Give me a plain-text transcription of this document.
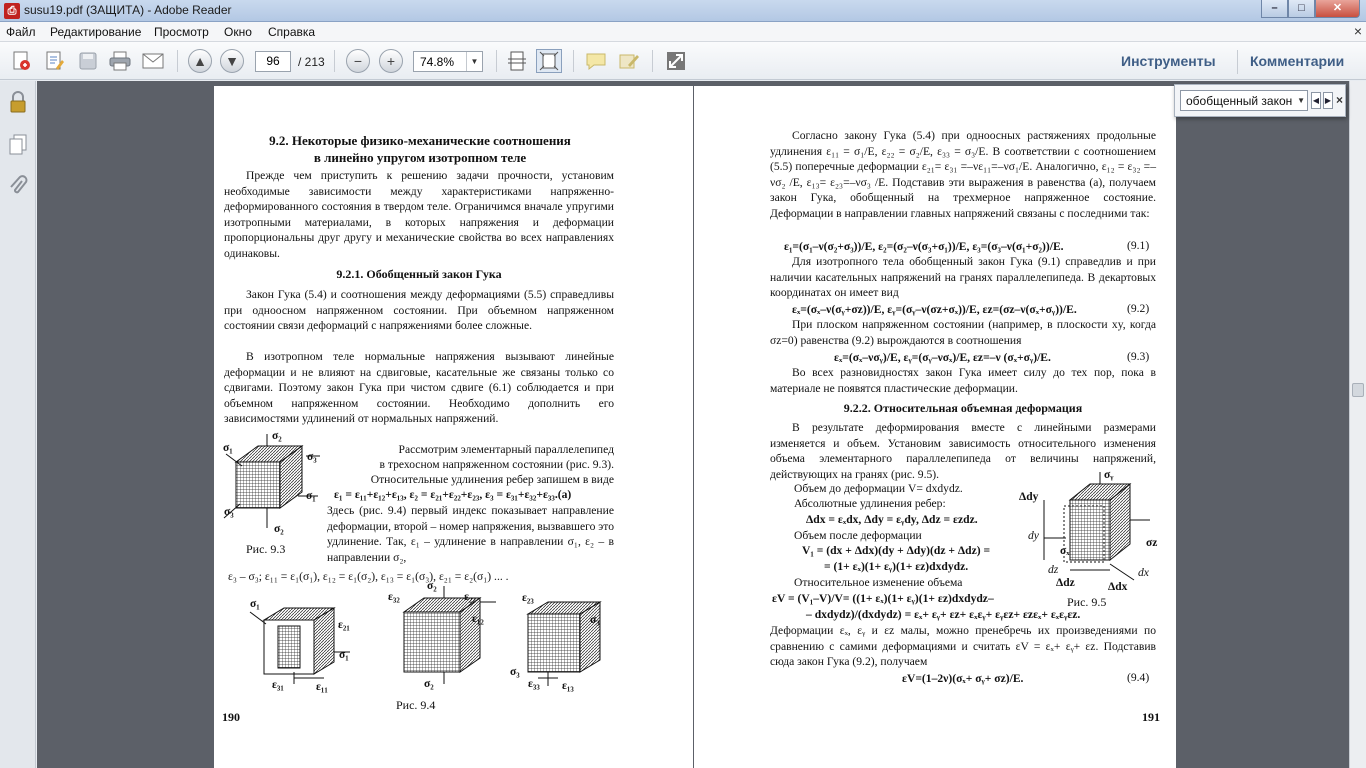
⎙ susu19.pdf (ЗАЩИТА) - Adobe Reader	–	□	✕
Файл Редактирование Просмотр Окно Справка	×
▲	▼	96	/ 213	−	+	74.8%	▼	Инструменты Комментарии
9.2. Некоторые физико-механические соотношения
в линейно упругом изотропном теле
Прежде чем приступить к решению задачи прочности, установим необходимые зависимости между характеристиками напряженно-деформированного состояния в твердом теле. Ограничимся вначале упругими изотропными материалами, в которых напряжения и деформации пропорциональны друг другу и механические свойства во всех направлениях одинаковы.
9.2.1. Обобщенный закон Гука
Закон Гука (5.4) и соотношения между деформациями (5.5) справедливы при одноосном напряженном состоянии. При объемном напряженном состоянии связи деформаций с напряжениями более сложные.
В изотропном теле нормальные напряжения вызывают линейные деформации и не влияют на сдвиговые, касательные же связаны только со сдвигами. Поэтому закон Гука при чистом сдвиге (6.1) соблюдается и при объемном напряженном состоянии. Необходимо дополнить его зависимостями удлинений от нормальных напряжений.
σ₂
σ₁
σ₃
σ₁
σ₃
σ₂
Рис. 9.3
Рассмотрим элементарный параллелепипед
в трехосном напряженном состоянии (рис. 9.3).
Относительные удлинения ребер запишем в виде
ε₁ = ε₁₁+ε₁₂+ε₁₃, ε₂ = ε₂₁+ε₂₂+ε₂₃, ε₃ = ε₃₁+ε₃₂+ε₃₃.(а)
Здесь (рис. 9.4) первый индекс показывает направление деформации, второй – номер напряжения, вызвавшего это удлинение. Так, ε₁ – удлинение в направлении σ₁, ε₂ – в направлении σ₂,
ε₃ – σ₃; ε₁₁ = ε₁(σ₁), ε₁₂ = ε₁(σ₂), ε₁₃ = ε₁(σ₃), ε₂₁ = ε₂(σ₁) ... .
σ₁
ε₂₁
σ₁
ε₃₁	ε₁₁
σ₂
ε₃₂	ε₂₂
ε₁₂
σ₂
ε₂₃
σ₃
σ₃
ε₃₃ ε₁₃
Рис. 9.4
190
Согласно закону Гука (5.4) при одноосных растяжениях продольные удлинения ε₁₁ = σ₁/E, ε₂₂ = σ₂/E, ε₃₃ = σ₃/E. В соответствии с соотношением (5.5) поперечные деформации ε₂₁= ε₃₁ =–νε₁₁=–νσ₁/E. Аналогично, ε₁₂ = ε₃₂ =–νσ₂ /E, ε₁₃= ε₂₃=–νσ₃ /E. Подставив эти выражения в равенства (а), получаем закон Гука, обобщенный на трехмерное напряженное состояние. Деформации в направлении главных напряжений связаны с последними так:
ε₁=(σ₁–ν(σ₂+σ₃))/E, ε₂=(σ₂–ν(σ₃+σ₁))/E, ε₃=(σ₃–ν(σ₁+σ₂))/E.	(9.1)
Для изотропного тела обобщенный закон Гука (9.1) справедлив и при наличии касательных напряжений на гранях параллелепипеда. В декартовых координатах он имеет вид
εₓ=(σₓ–ν(σᵧ+σz))/E, εᵧ=(σᵧ–ν(σz+σₓ))/E, εz=(σz–ν(σₓ+σᵧ))/E.	(9.2)
При плоском напряженном состоянии (например, в плоскости xy, когда σz=0) равенства (9.2) вырождаются в соотношения
εₓ=(σₓ–νσᵧ)/E, εᵧ=(σᵧ–νσₓ)/E, εz=–ν (σₓ+σᵧ)/E.	(9.3)
Во всех разновидностях закон Гука имеет силу до тех пор, пока в материале не появятся пластические деформации.
9.2.2. Относительная объемная деформация
В результате деформирования вместе с линейными размерами изменяется и объем. Установим зависимость относительного изменения объема элементарного параллелепипеда от величины напряжений, действующих на гранях (рис. 9.5).
Объем до деформации V= dxdydz.
Абсолютные удлинения ребер:
Δdx = εₓdx, Δdy = εᵧdy, Δdz = εzdz.
Объем после деформации
V₁ = (dx + Δdx)(dy + Δdy)(dz + Δdz) =
= (1+ εₓ)(1+ εᵧ)(1+ εz)dxdydz.
Относительное изменение объема
εV = (V₁–V)/V= ((1+ εₓ)(1+ εᵧ)(1+ εz)dxdydz–
– dxdydz)/(dxdydz) = εₓ+ εᵧ+ εz+ εₓεᵧ+ εᵧεz+ εzεₓ+ εₓεᵧεz.
Деформации εₓ, εᵧ и εz малы, можно пренебречь их произведениями по сравнению с самими деформациями и считать εV = εₓ+ εᵧ+ εz. Подставив сюда закон Гука (9.2), получаем
εV=(1–2ν)(σₓ+ σᵧ+ σz)/E.	(9.4)
σᵧ
Δdy
dy
σₓ
σz
dz	dx
Δdz	Δdx
Рис. 9.5
191
обобщенный закон ▼ ◀ ▶ ×
